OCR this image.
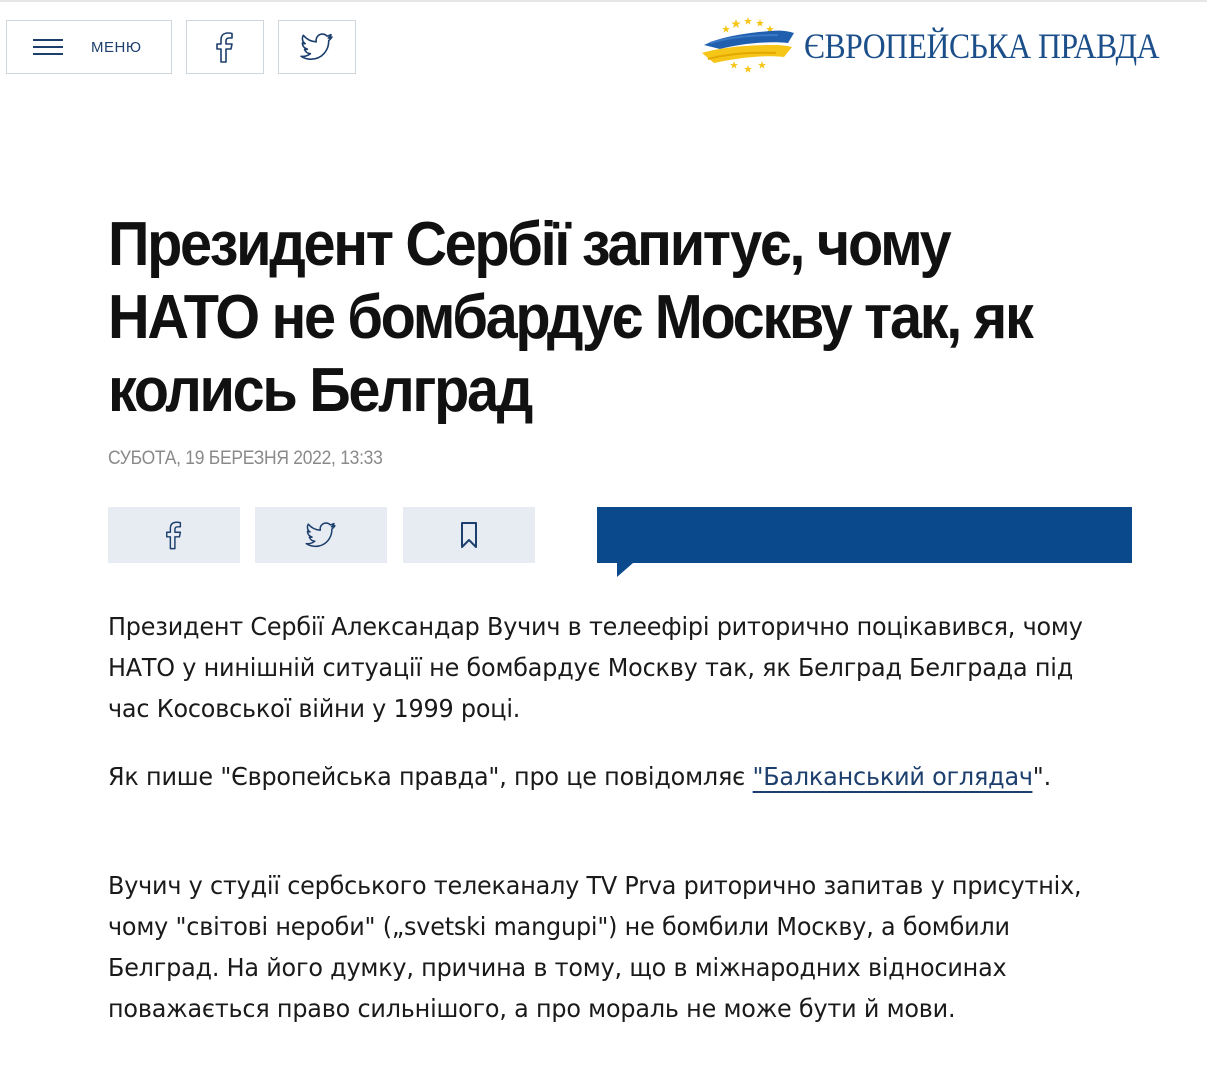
МЕНЮ	ЄВРОПЕЙСЬКА ПРАВДА
Президент Сербії запитує, чому НАТО не бомбардує Москву так, як колись Белград
СУБОТА, 19 БЕРЕЗНЯ 2022, 13:33

Президент Сербії Александар Вучич в телеефірі риторично поцікавився, чому НАТО у нинішній ситуації не бомбардує Москву так, як Белград Белграда під час Косовської війни у 1999 році.

Як пише "Європейська правда", про це повідомляє "Балканський оглядач".

Вучич у студії сербського телеканалу TV Prva риторично запитав у присутніх, чому "світові нероби" („svetski mangupi") не бомбили Москву, а бомбили Белград. На його думку, причина в тому, що в міжнародних відносинах поважається право сильнішого, а про мораль не може бути й мови.
